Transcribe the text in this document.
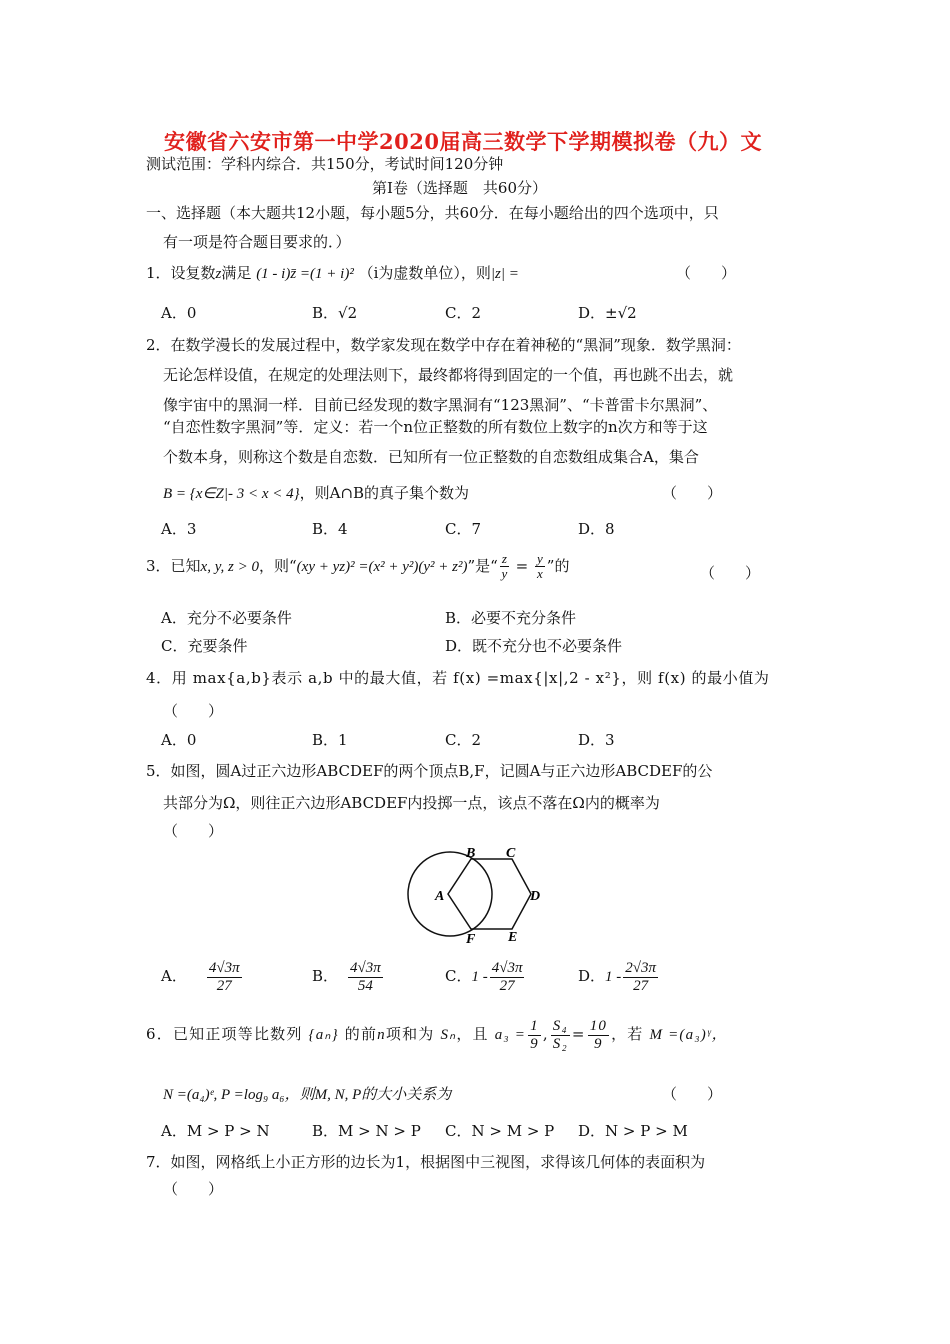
安徽省六安市第一中学2020届高三数学下学期模拟卷（九）文
测试范围：学科内综合．共150分，考试时间120分钟
第Ⅰ卷（选择题　共60分）
一、选择题（本大题共12小题，每小题5分，共60分．在每小题给出的四个选项中，只
有一项是符合题目要求的．）
1．设复数z满足 (1 - i)z̄ =(1 + i)² （i为虚数单位），则|z| =	（　　）
A．0	B．√2	C．2	D．±√2
2．在数学漫长的发展过程中，数学家发现在数学中存在着神秘的“黑洞”现象．数学黑洞：
无论怎样设值，在规定的处理法则下，最终都将得到固定的一个值，再也跳不出去，就
像宇宙中的黑洞一样．目前已经发现的数字黑洞有“123黑洞”、“卡普雷卡尔黑洞”、
“自恋性数字黑洞”等．定义：若一个n位正整数的所有数位上数字的n次方和等于这
个数本身，则称这个数是自恋数．已知所有一位正整数的自恋数组成集合A，集合
B = {x∈Z|- 3 < x < 4}，则A∩B的真子集个数为	（　　）
A．3	B．4	C．7	D．8
3．已知x, y, z > 0，则“(xy + yz)² =(x² + y²)(y² + z²)”是“ $\frac{z}{y} = \frac{y}{x}$ ”的	（　　）
A．充分不必要条件	B．必要不充分条件
C．充要条件	D．既不充分也不必要条件
4．用 max{a,b}表示 a,b 中的最大值，若 f(x) =max{|x|,2 - x²}，则 f(x) 的最小值为
（　　）
A．0	B．1	C．2	D．3
5．如图，圆A过正六边形ABCDEF的两个顶点B,F，记圆A与正六边形ABCDEF的公
共部分为Ω，则往正六边形ABCDEF内投掷一点，该点不落在Ω内的概率为
（　　）
A
B C
D
E
F
A． $\frac{4√3\pi}{27}$	B． $\frac{4√3\pi}{54}$	C．$1 - \frac{4√3\pi}{27}$	D．$1 - \frac{2√3\pi}{27}$
6．已知正项等比数列 {aₙ} 的前n项和为 Sₙ，且 $a_3 = \frac{1}{9}$ , $\frac{\text{S₄}}{\text{S₂}} = \frac{10}{9}$ ，若 M =(a₃)ᵞ，
N =(a₄)ᵉ, P =log₉ a₆，则M, N, P的大小关系为	（　　）
A．M > P > N	B．M > N > P C．N > M > P D．N > P > M
7．如图，网格纸上小正方形的边长为1，根据图中三视图，求得该几何体的表面积为
（　　）
